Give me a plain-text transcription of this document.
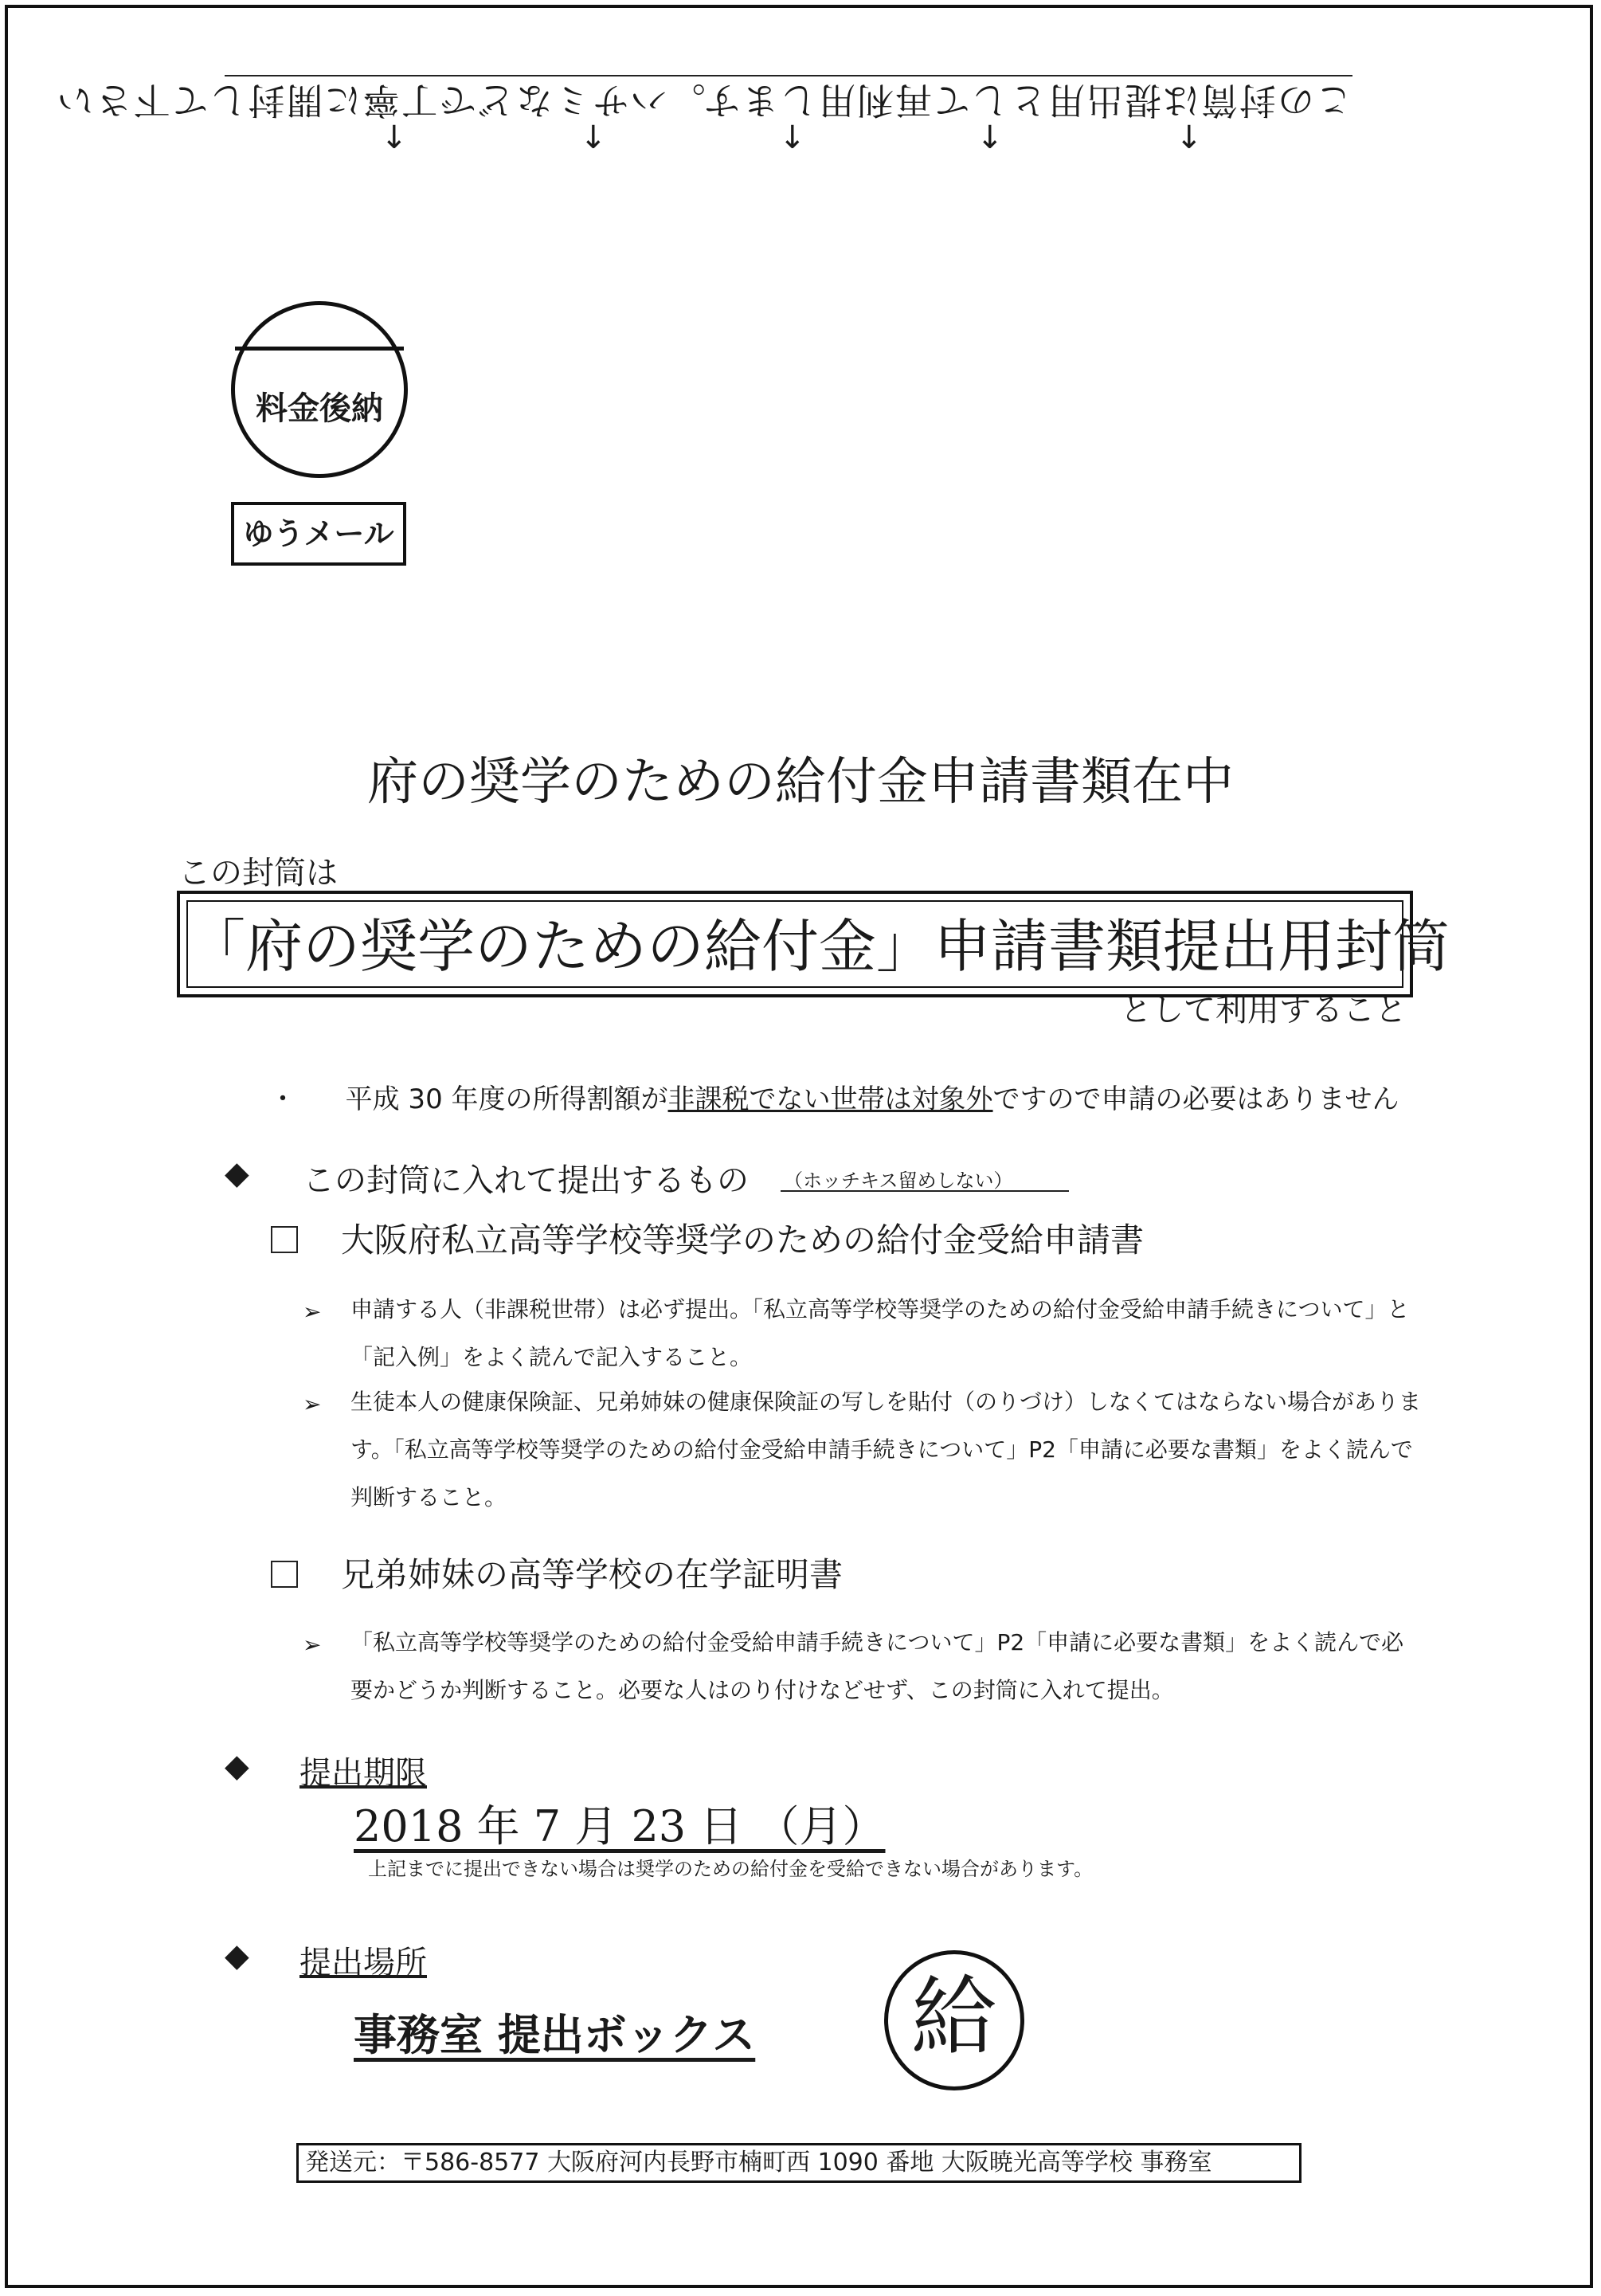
この封筒は提出用として再利用します。ハサミなどで丁寧に開封して下さい
↓	↓	↓	↓	↓
料金後納
ゆうメール
府の奨学のための給付金申請書類在中
この封筒は
「府の奨学のための給付金」申請書類提出用封筒
として利用すること
・ 平成 30 年度の所得割額が非課税でない世帯は対象外ですので申請の必要はありません
◆ この封筒に入れて提出するもの （ホッチキス留めしない）
大阪府私立高等学校等奨学のための給付金受給申請書
➢ 申請する人（非課税世帯）は必ず提出。「私立高等学校等奨学のための給付金受給申請手続きについて」と「記入例」をよく読んで記入すること。
➢ 生徒本人の健康保険証、兄弟姉妹の健康保険証の写しを貼付（のりづけ）しなくてはならない場合があります。「私立高等学校等奨学のための給付金受給申請手続きについて」P2「申請に必要な書類」をよく読んで判断すること。
兄弟姉妹の高等学校の在学証明書
➢ 「私立高等学校等奨学のための給付金受給申請手続きについて」P2「申請に必要な書類」をよく読んで必要かどうか判断すること。必要な人はのり付けなどせず、この封筒に入れて提出。
◆ 提出期限
2018 年 7 月 23 日 （月）
上記までに提出できない場合は奨学のための給付金を受給できない場合があります。
◆ 提出場所
事務室 提出ボックス	給
発送元：〒586-8577 大阪府河内長野市楠町西 1090 番地 大阪暁光高等学校 事務室
